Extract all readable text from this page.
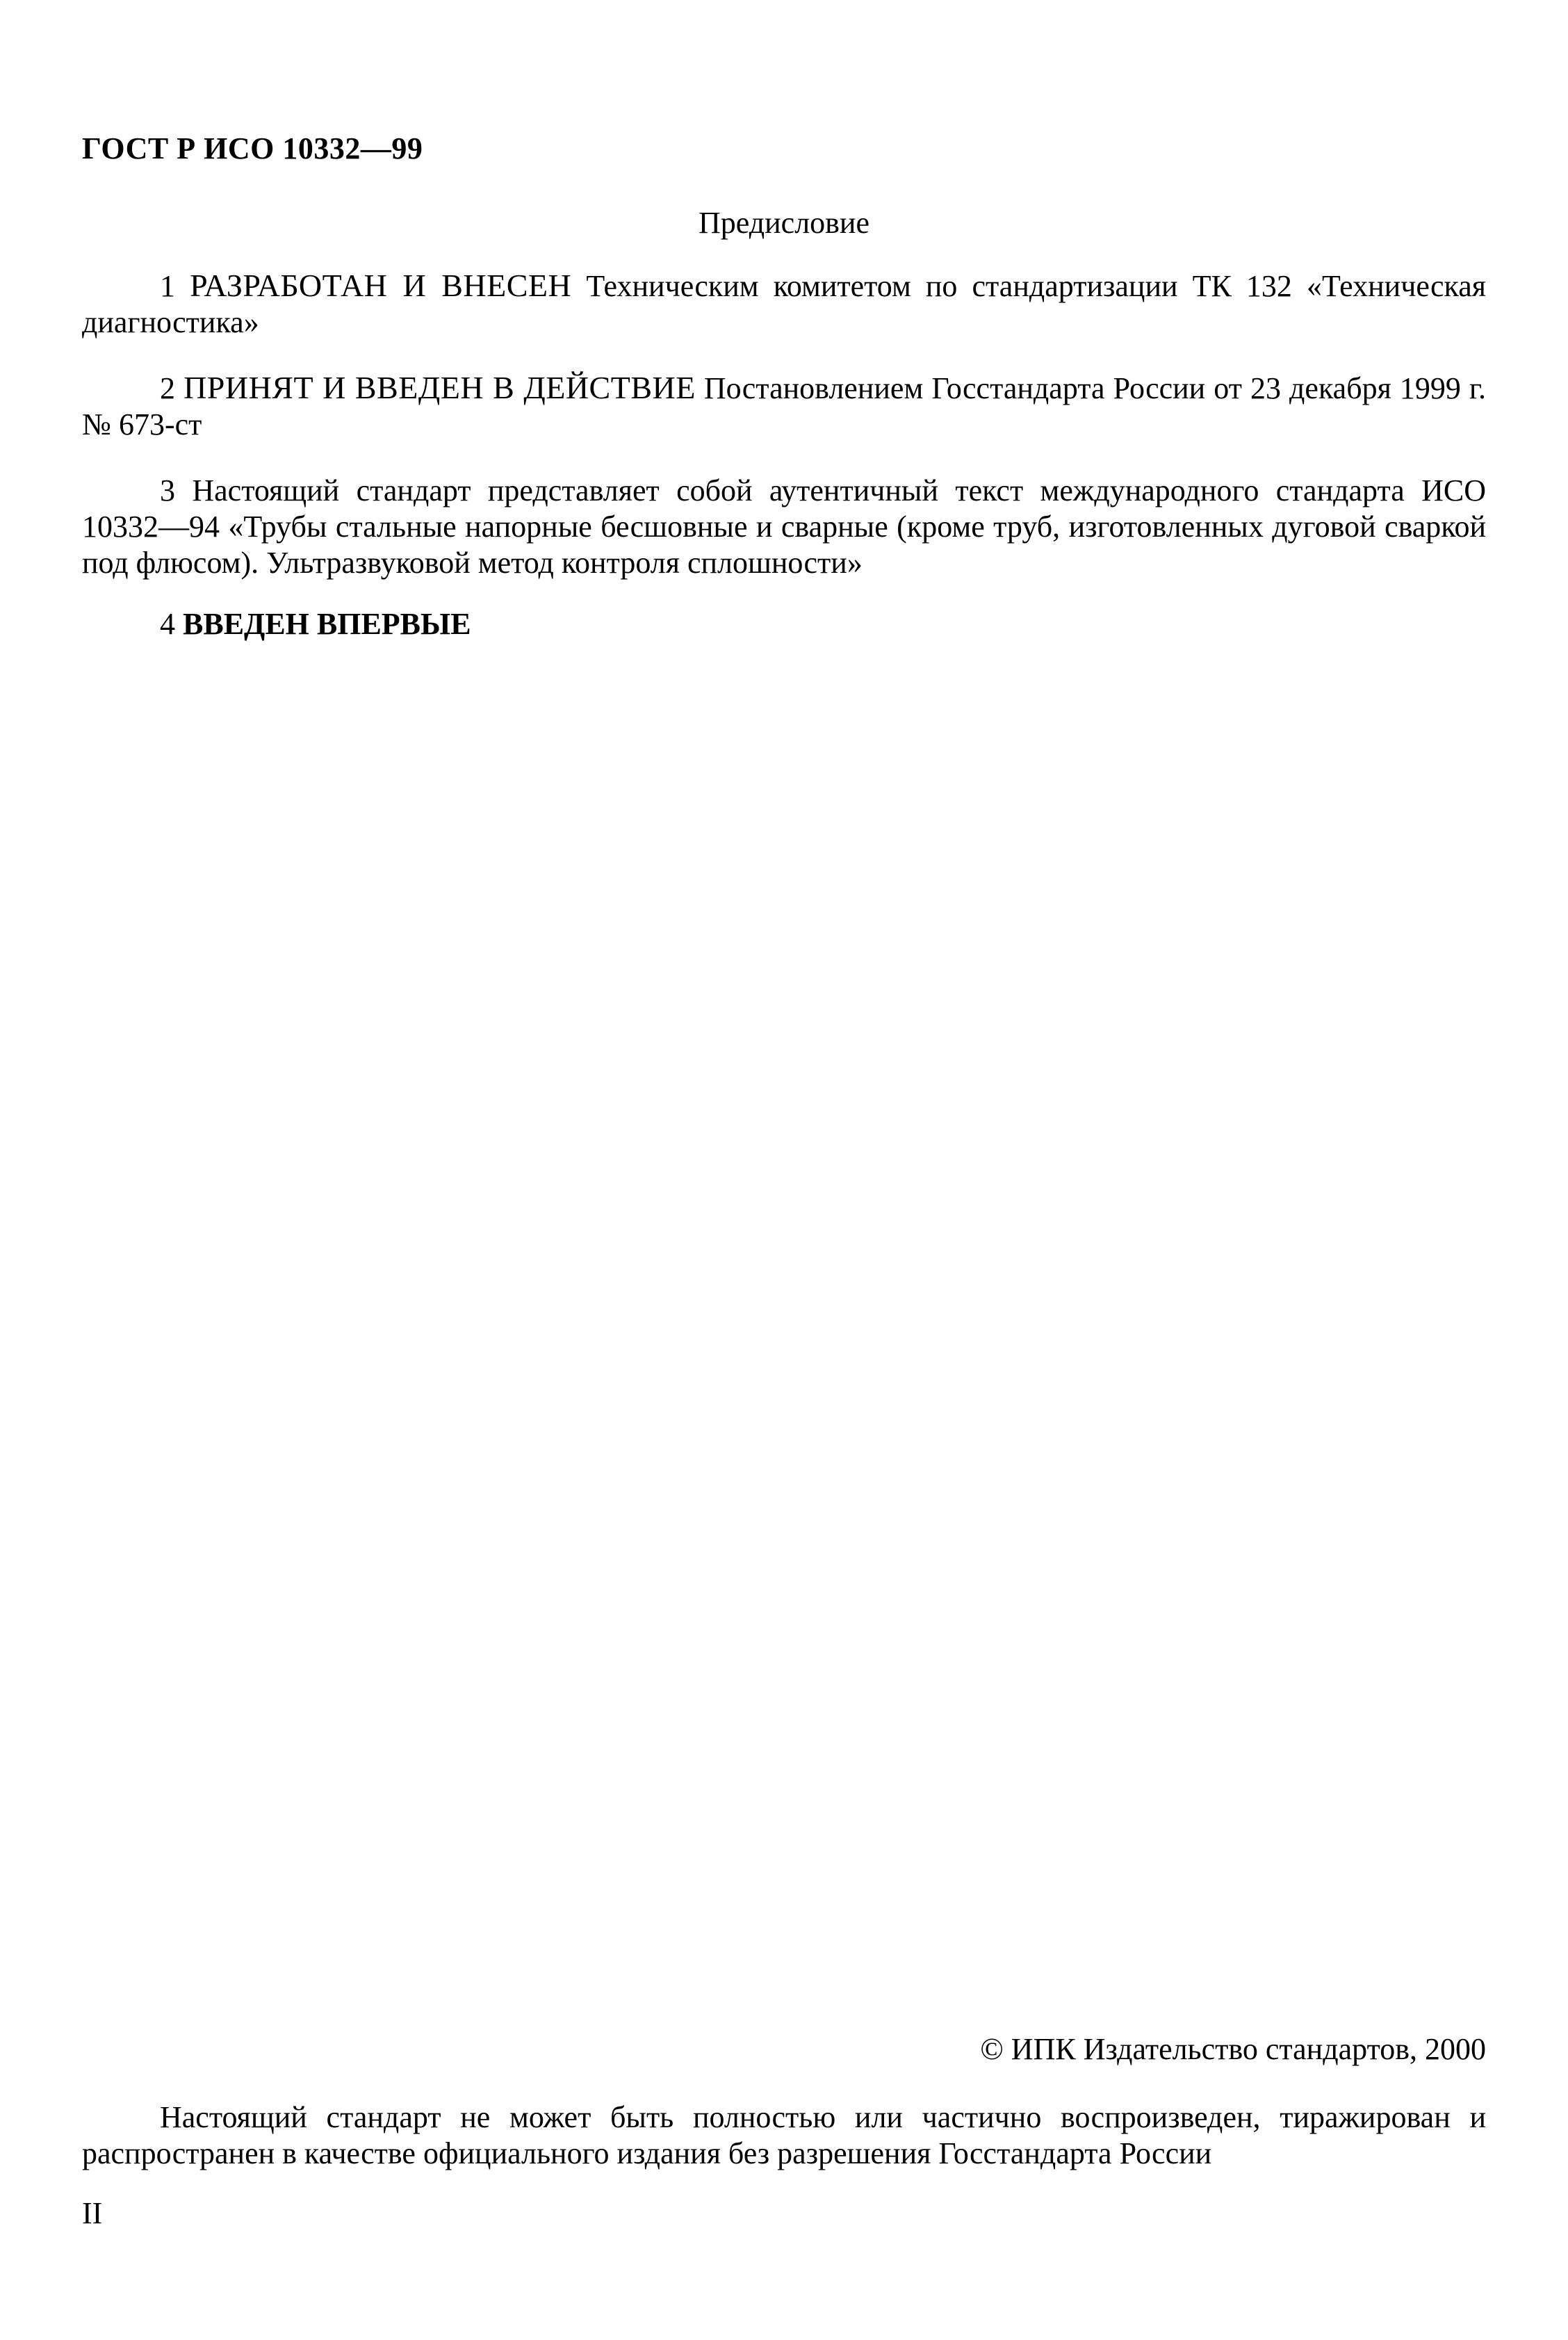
ГОСТ Р ИСО 10332—99
Предисловие
1 РАЗРАБОТАН И ВНЕСЕН Техническим комитетом по стандартизации ТК 132 «Техническая диагностика»
2 ПРИНЯТ И ВВЕДЕН В ДЕЙСТВИЕ Постановлением Госстандарта России от 23 декабря 1999 г. № 673-ст
3 Настоящий стандарт представляет собой аутентичный текст международного стандарта ИСО 10332—94 «Трубы стальные напорные бесшовные и сварные (кроме труб, изготовленных дуговой сваркой под флюсом). Ультразвуковой метод контроля сплошности»
4 ВВЕДЕН ВПЕРВЫЕ
© ИПК Издательство стандартов, 2000
Настоящий стандарт не может быть полностью или частично воспроизведен, тиражирован и распространен в качестве официального издания без разрешения Госстандарта России
II
